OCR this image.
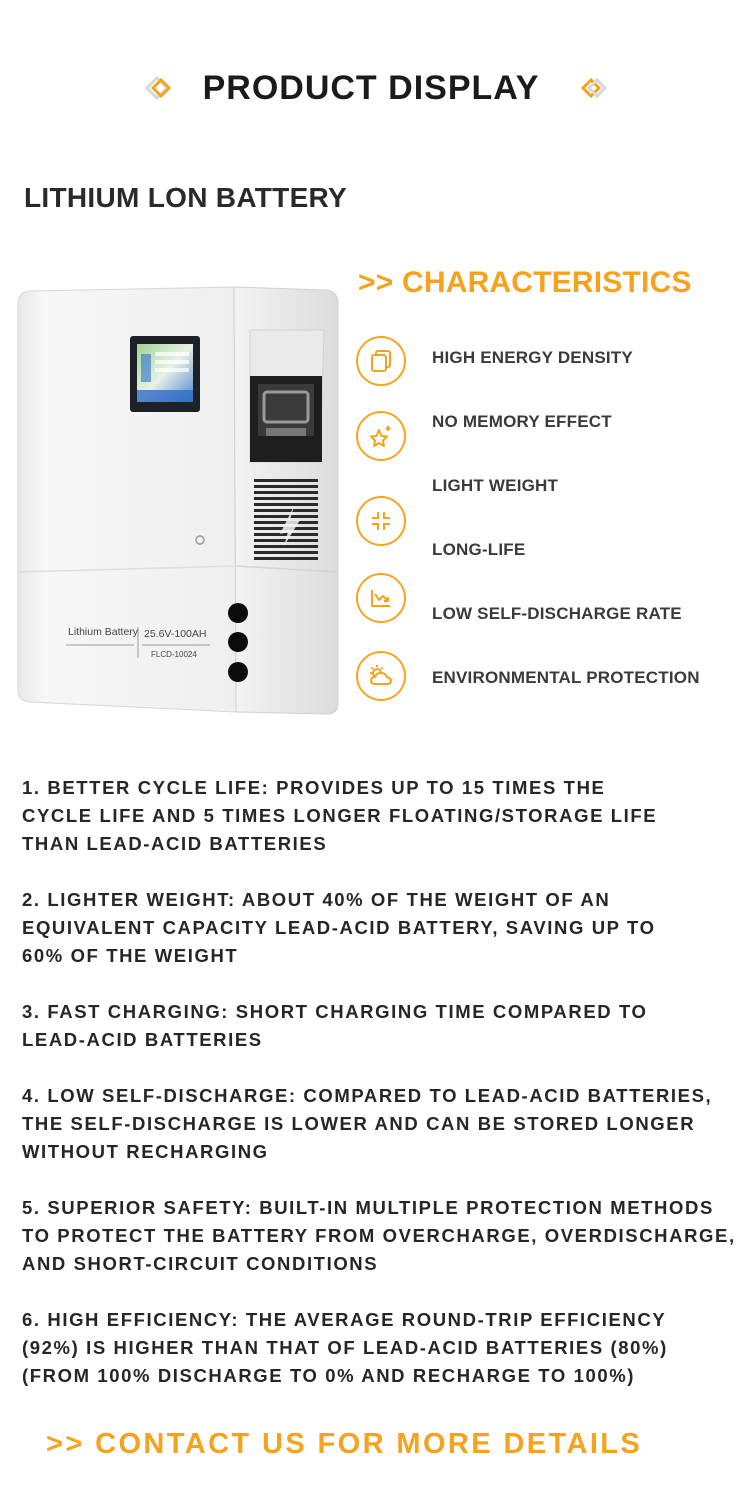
PRODUCT DISPLAY
LITHIUM LON BATTERY
Lithium Battery 25.6V-100AH
FLCD-10024
>> CHARACTERISTICS
HIGH ENERGY DENSITY
NO MEMORY EFFECT
LIGHT WEIGHT
LONG-LIFE
LOW SELF-DISCHARGE RATE
ENVIRONMENTAL PROTECTION
1. BETTER CYCLE LIFE: PROVIDES UP TO 15 TIMES THE
CYCLE LIFE AND 5 TIMES LONGER FLOATING/STORAGE LIFE
THAN LEAD-ACID BATTERIES
2. LIGHTER WEIGHT: ABOUT 40% OF THE WEIGHT OF AN
EQUIVALENT CAPACITY LEAD-ACID BATTERY, SAVING UP TO
60% OF THE WEIGHT
3. FAST CHARGING: SHORT CHARGING TIME COMPARED TO
LEAD-ACID BATTERIES
4. LOW SELF-DISCHARGE: COMPARED TO LEAD-ACID BATTERIES,
THE SELF-DISCHARGE IS LOWER AND CAN BE STORED LONGER
WITHOUT RECHARGING
5. SUPERIOR SAFETY: BUILT-IN MULTIPLE PROTECTION METHODS
TO PROTECT THE BATTERY FROM OVERCHARGE, OVERDISCHARGE,
AND SHORT-CIRCUIT CONDITIONS
6. HIGH EFFICIENCY: THE AVERAGE ROUND-TRIP EFFICIENCY
(92%) IS HIGHER THAN THAT OF LEAD-ACID BATTERIES (80%)
(FROM 100% DISCHARGE TO 0% AND RECHARGE TO 100%)
>> CONTACT US FOR MORE DETAILS
